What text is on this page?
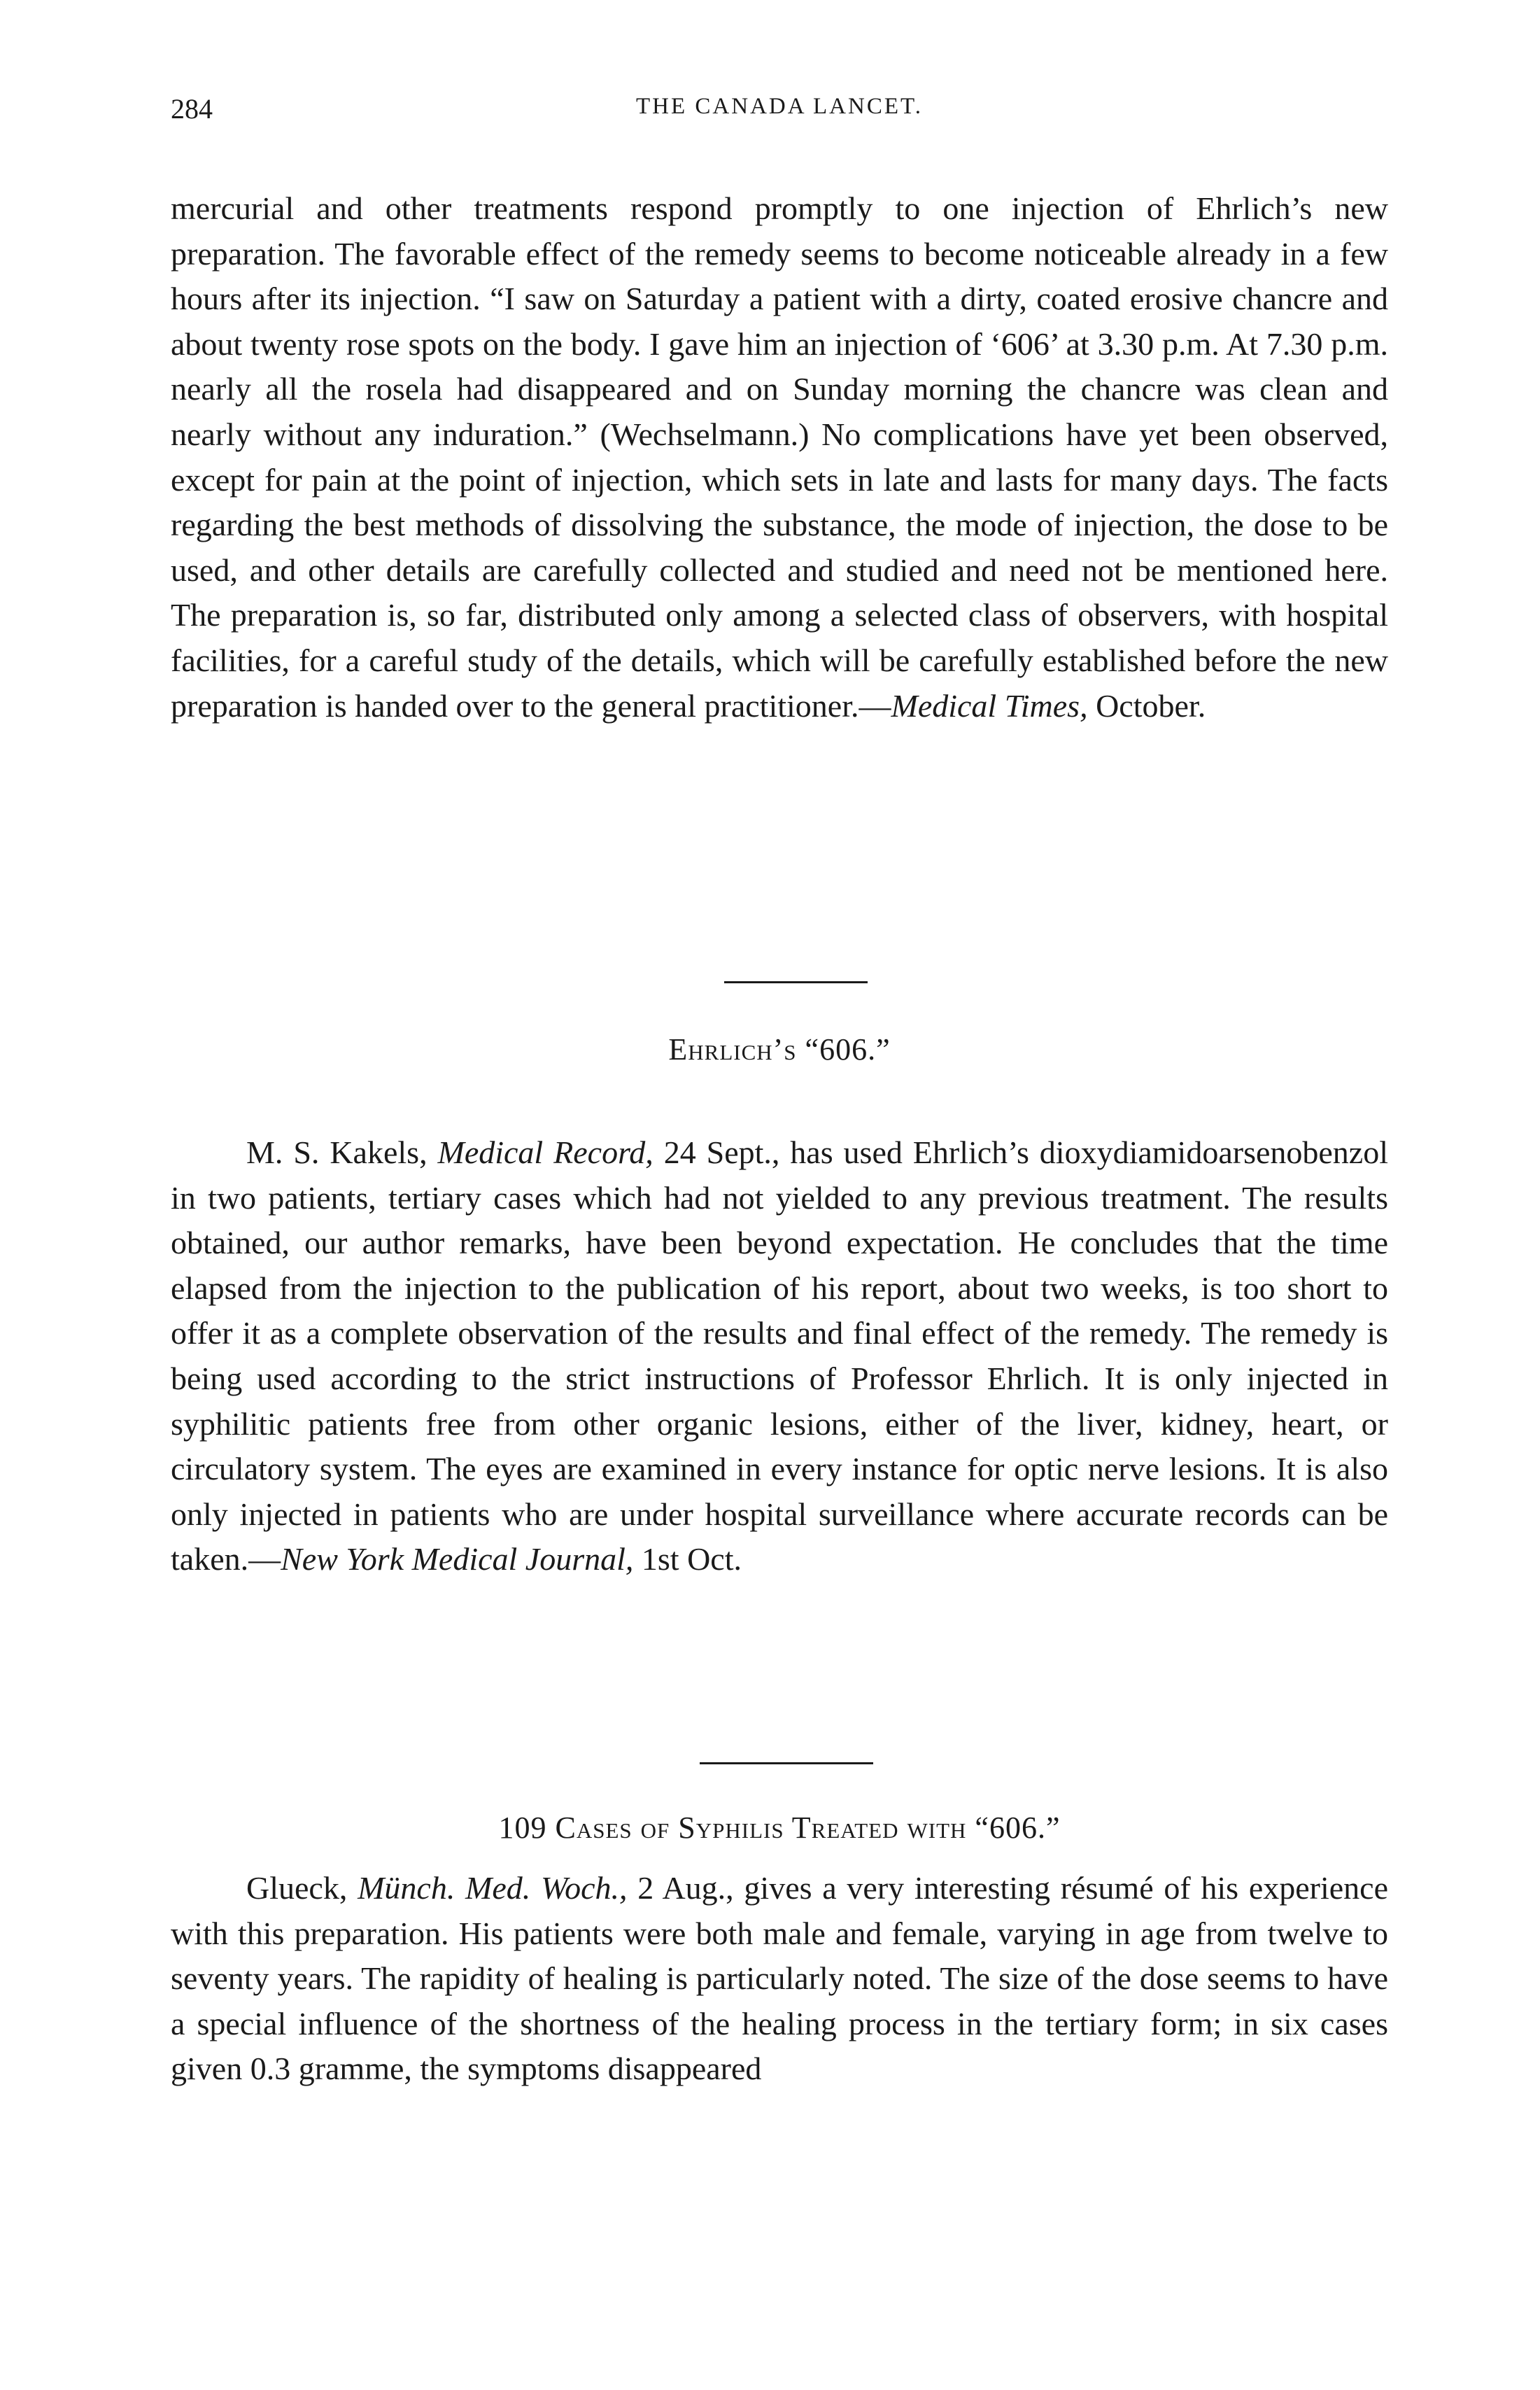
284	THE CANADA LANCET.

mercurial and other treatments respond promptly to one injection of Ehrlich’s new preparation. The favorable effect of the remedy seems to become noticeable already in a few hours after its injection. “I saw on Saturday a patient with a dirty, coated erosive chancre and about twenty rose spots on the body. I gave him an injection of ‘606’ at 3.30 p.m. At 7.30 p.m. nearly all the rosela had disappeared and on Sunday morning the chancre was clean and nearly without any induration.” (Wechselmann.) No complications have yet been observed, except for pain at the point of injection, which sets in late and lasts for many days. The facts regarding the best methods of dissolving the substance, the mode of injection, the dose to be used, and other details are carefully collected and studied and need not be mentioned here. The preparation is, so far, distributed only among a selected class of observers, with hospital facilities, for a careful study of the details, which will be carefully established before the new preparation is handed over to the general practitioner.—Medical Times, October.

Ehrlich’s “606.”

M. S. Kakels, Medical Record, 24 Sept., has used Ehrlich’s dioxydiamidoarsenobenzol in two patients, tertiary cases which had not yielded to any previous treatment. The results obtained, our author remarks, have been beyond expectation. He concludes that the time elapsed from the injection to the publication of his report, about two weeks, is too short to offer it as a complete observation of the results and final effect of the remedy. The remedy is being used according to the strict instructions of Professor Ehrlich. It is only injected in syphilitic patients free from other organic lesions, either of the liver, kidney, heart, or circulatory system. The eyes are examined in every instance for optic nerve lesions. It is also only injected in patients who are under hospital surveillance where accurate records can be taken.—New York Medical Journal, 1st Oct.

109 Cases of Syphilis Treated with “606.”

Glueck, Münch. Med. Woch., 2 Aug., gives a very interesting résumé of his experience with this preparation. His patients were both male and female, varying in age from twelve to seventy years. The rapidity of healing is particularly noted. The size of the dose seems to have a special influence of the shortness of the healing process in the tertiary form; in six cases given 0.3 gramme, the symptoms disappeared
